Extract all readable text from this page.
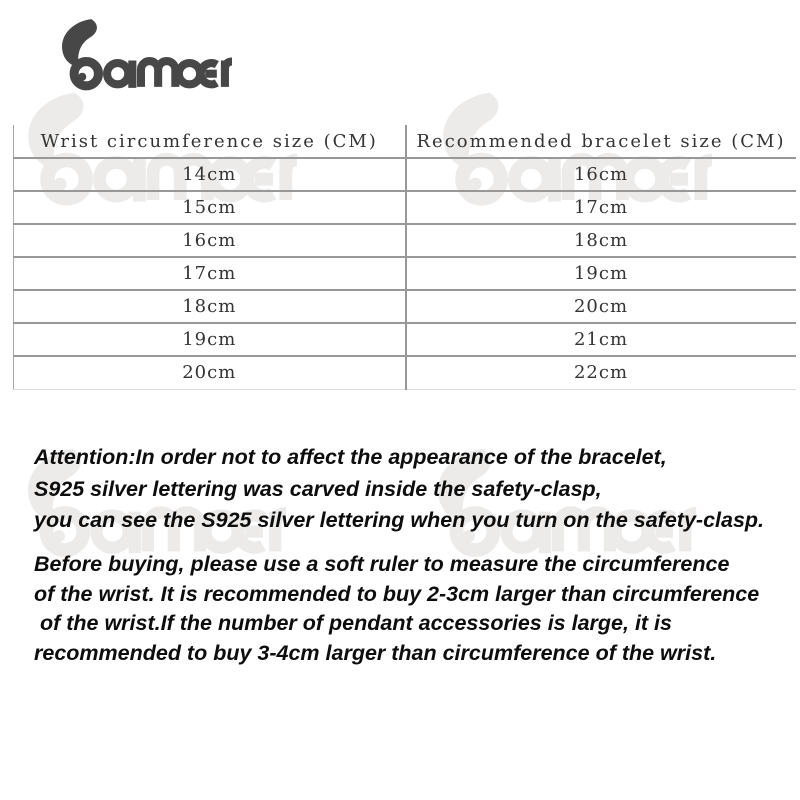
Wrist circumference size (CM)	Recommended bracelet size (CM)
14cm	16cm
15cm	17cm
16cm	18cm
17cm	19cm
18cm	20cm
19cm	21cm
20cm	22cm
Attention:In order not to affect the appearance of the bracelet,
S925 silver lettering was carved inside the safety-clasp,
you can see the S925 silver lettering when you turn on the safety-clasp.
Before buying, please use a soft ruler to measure the circumference
of the wrist. It is recommended to buy 2-3cm larger than circumference
of the wrist.If the number of pendant accessories is large, it is
recommended to buy 3-4cm larger than circumference of the wrist.
